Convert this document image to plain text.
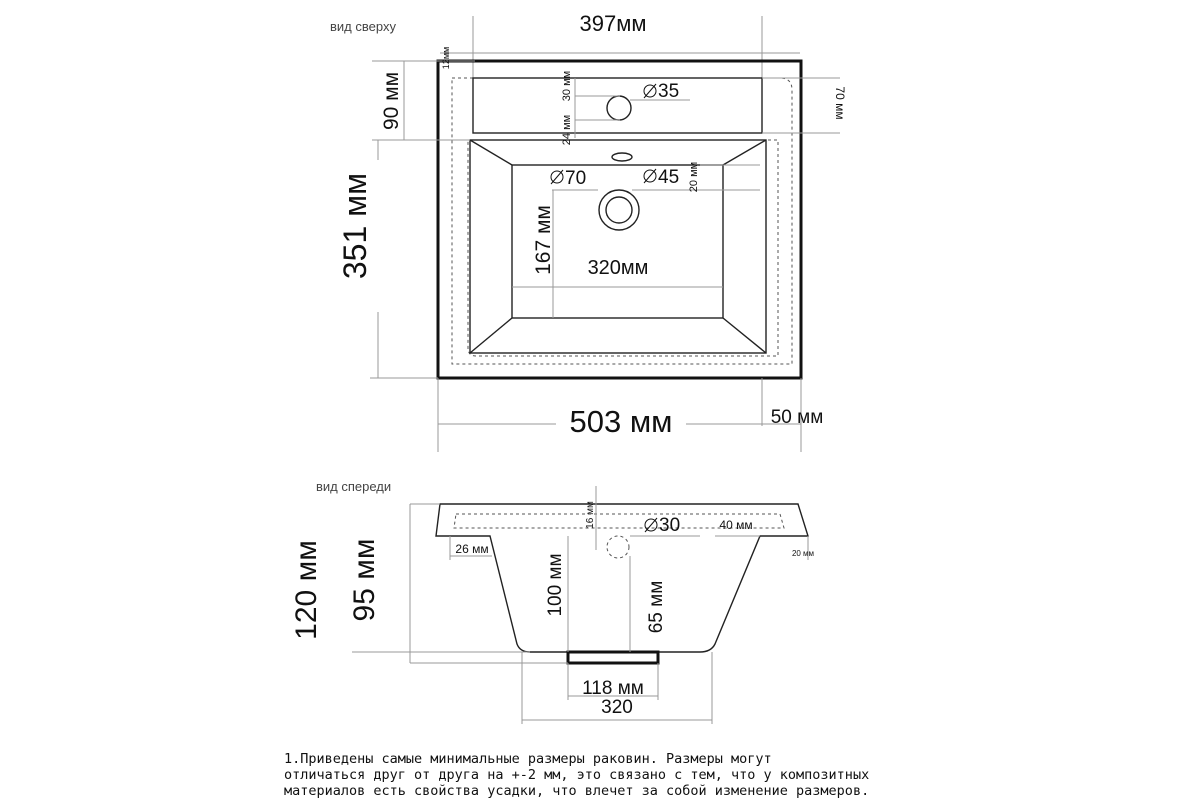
вид сверху	397мм
90 мм
351 мм
12мм
30 мм
24 мм
35	70 мм
70	45 20 мм
167 мм 320мм
503 мм	50 мм
вид спереди
16 мм	30	40 мм
26 мм	20 мм
120 мм 95 мм	100 мм	65 мм
118 мм
320
1.Приведены самые минимальные размеры раковин. Размеры могут
отличаться друг от друга на +-2 мм, это связано с тем, что у композитных
материалов есть свойства усадки, что влечет за собой изменение размеров.
